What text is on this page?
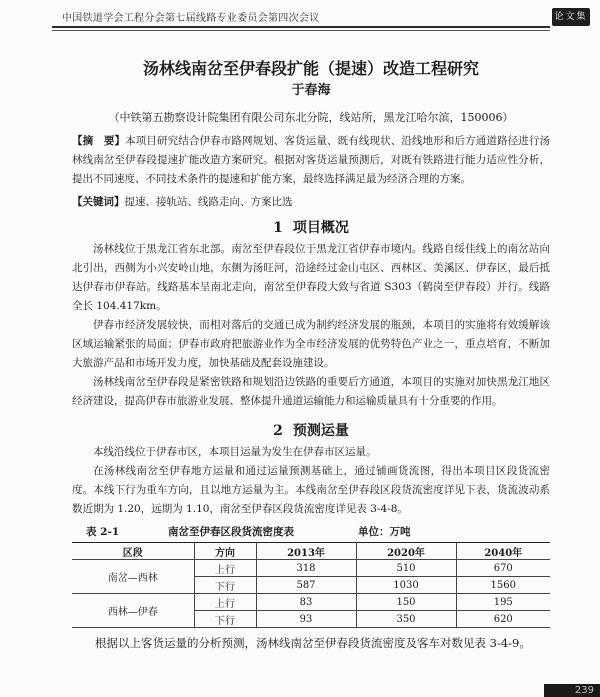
中国铁道学会工程分会第七届线路专业委员会第四次会议	论文集
汤林线南岔至伊春段扩能（提速）改造工程研究
于春海
（中铁第五勘察设计院集团有限公司东北分院，线站所，黑龙江哈尔滨，150006）
【摘　要】本项目研究结合伊春市路网规划、客货运量、既有线现状、沿线地形和后方通道路径进行汤林线南岔至伊春段提速扩能改造方案研究。根据对客货运量预测后，对既有铁路进行能力适应性分析，提出不同速度、不同技术条件的提速和扩能方案，最终选择满足最为经济合理的方案。
【关键词】提速、接轨站、线路走向、方案比选
1 项目概况

汤林线位于黑龙江省东北部。南岔至伊春段位于黑龙江省伊春市境内。线路自绥佳线上的南岔站向北引出，西侧为小兴安岭山地，东侧为汤旺河，沿途经过金山屯区、西林区、美溪区、伊春区，最后抵达伊春市伊春站。线路基本呈南北走向，南岔至伊春段大致与省道 S303（鹤岗至伊春段）并行。线路全长 104.417km。

伊春市经济发展较快，而相对落后的交通已成为制约经济发展的瓶颈，本项目的实施将有效缓解该区域运输紧张的局面；伊春市政府把旅游业作为全市经济发展的优势特色产业之一，重点培育，不断加大旅游产品和市场开发力度，加快基础及配套设施建设。

汤林线南岔至伊春段是紧密铁路和规划沿边铁路的重要后方通道，本项目的实施对加快黑龙江地区经济建设，提高伊春市旅游业发展、整体提升通道运输能力和运输质量具有十分重要的作用。

2 预测运量

本线沿线位于伊春市区，本项目运量为发生在伊春市区运量。

在汤林线南岔至伊春地方运量和通过运量预测基础上，通过铺画货流图，得出本项目区段货流密度。本线下行为重车方向，且以地方运量为主。本线南岔至伊春段区段货流密度详见下表，货流波动系数近期为 1.20，远期为 1.10，南岔至伊春区段货流密度详见表 3-4-8。

表 2-1	南岔至伊春区段货流密度表	单位：万吨
区段	方向	2013年	2020年	2040年
南岔—西林	上行	318	510	670
	下行	587	1030	1560
西林—伊春	上行	83	150	195
	下行	93	350	620

根据以上客货运量的分析预测，汤林线南岔至伊春段货流密度及客车对数见表 3-4-9。

239
